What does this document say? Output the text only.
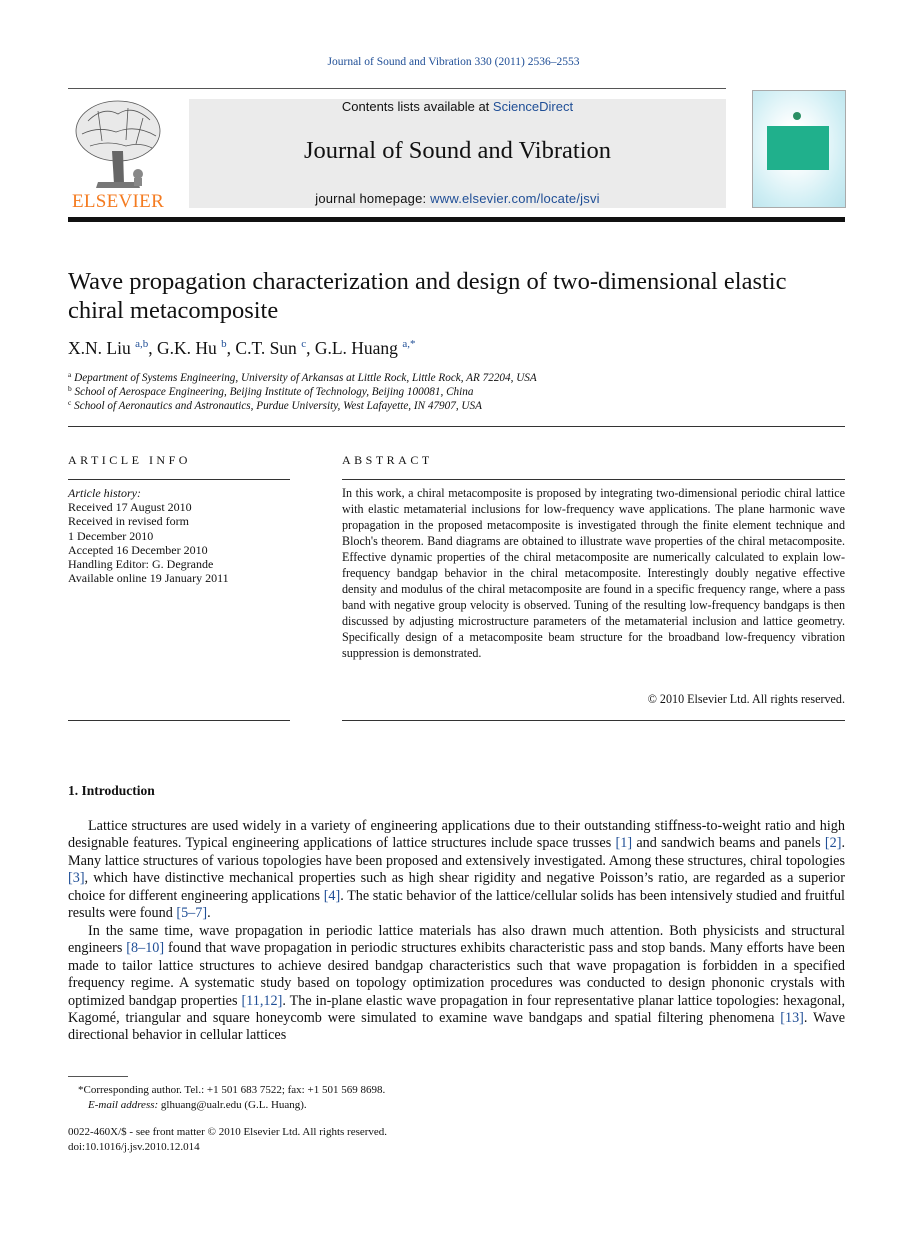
Journal of Sound and Vibration 330 (2011) 2536–2553
ELSEVIER
Contents lists available at ScienceDirect
Journal of Sound and Vibration
journal homepage: www.elsevier.com/locate/jsvi
Wave propagation characterization and design of two-dimensional elastic chiral metacomposite
X.N. Liu $^{a,b}$, G.K. Hu $^b$, C.T. Sun $^c$, G.L. Huang $^{a,*}$
$^a$ Department of Systems Engineering, University of Arkansas at Little Rock, Little Rock, AR 72204, USA
$^b$ School of Aerospace Engineering, Beijing Institute of Technology, Beijing 100081, China
$^c$ School of Aeronautics and Astronautics, Purdue University, West Lafayette, IN 47907, USA
ARTICLE INFO
Article history:
Received 17 August 2010
Received in revised form
1 December 2010
Accepted 16 December 2010
Handling Editor: G. Degrande
Available online 19 January 2011
ABSTRACT
In this work, a chiral metacomposite is proposed by integrating two-dimensional periodic chiral lattice with elastic metamaterial inclusions for low-frequency wave applications. The plane harmonic wave propagation in the proposed metacomposite is investigated through the finite element technique and Bloch's theorem. Band diagrams are obtained to illustrate wave properties of the chiral metacomposite. Effective dynamic properties of the chiral metacomposite are numerically calculated to explain low-frequency bandgap behavior in the chiral metacomposite. Interestingly doubly negative effective density and modulus of the chiral metacomposite are found in a specific frequency range, where a pass band with negative group velocity is observed. Tuning of the resulting low-frequency bandgaps is then discussed by adjusting microstructure parameters of the metamaterial inclusion and lattice geometry. Specifically design of a metacomposite beam structure for the broadband low-frequency vibration suppression is demonstrated.
© 2010 Elsevier Ltd. All rights reserved.
1. Introduction

Lattice structures are used widely in a variety of engineering applications due to their outstanding stiffness-to-weight ratio and high designable features. Typical engineering applications of lattice structures include space trusses [1] and sandwich beams and panels [2]. Many lattice structures of various topologies have been proposed and extensively investigated. Among these structures, chiral topologies [3], which have distinctive mechanical properties such as high shear rigidity and negative Poisson’s ratio, are regarded as a superior choice for different engineering applications [4]. The static behavior of the lattice/cellular solids has been intensively studied and fruitful results were found [5–7].

In the same time, wave propagation in periodic lattice materials has also drawn much attention. Both physicists and structural engineers [8–10] found that wave propagation in periodic structures exhibits characteristic pass and stop bands. Many efforts have been made to tailor lattice structures to achieve desired bandgap characteristics such that wave propagation is forbidden in a specified frequency regime. A systematic study based on topology optimization procedures was conducted to design phononic crystals with optimized bandgap properties [11,12]. The in-plane elastic wave propagation in four representative planar lattice topologies: hexagonal, Kagomé, triangular and square honeycomb were simulated to examine wave bandgaps and spatial filtering phenomena [13]. Wave directional behavior in cellular lattices

*Corresponding author. Tel.: +1 501 683 7522; fax: +1 501 569 8698.
E-mail address: glhuang@ualr.edu (G.L. Huang).
0022-460X/$ - see front matter © 2010 Elsevier Ltd. All rights reserved.
doi:10.1016/j.jsv.2010.12.014
